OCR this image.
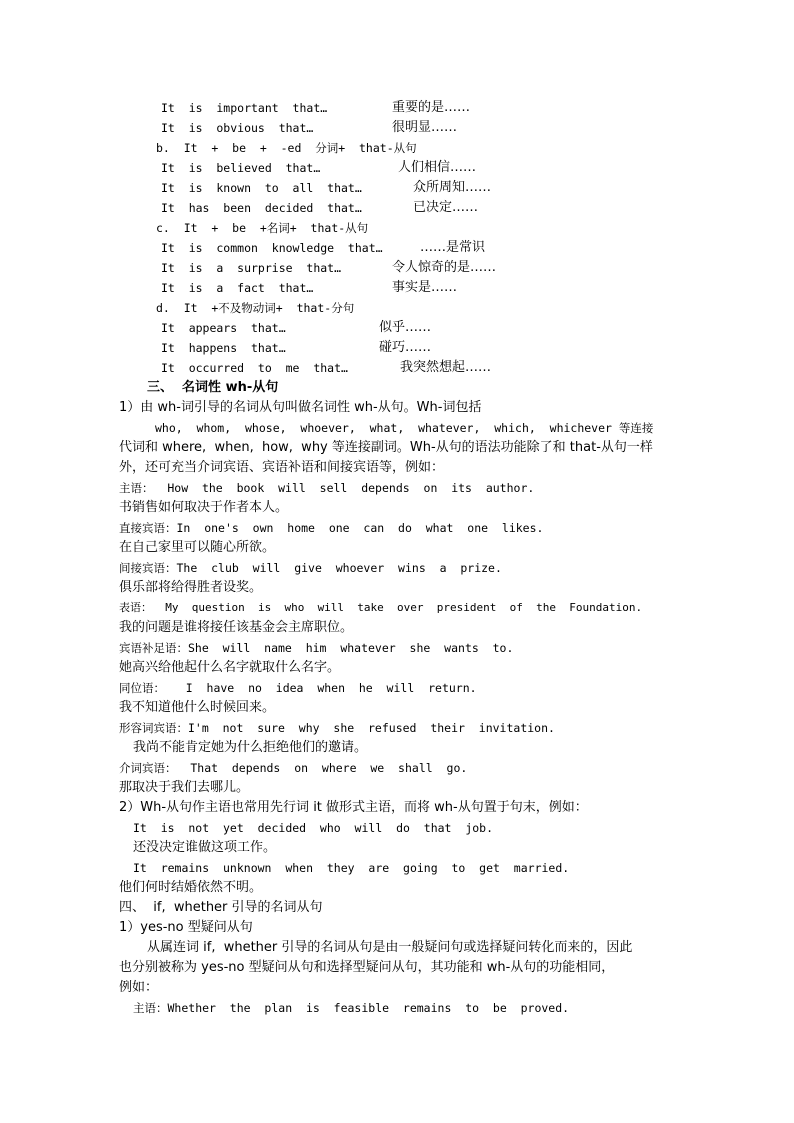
It  is  important  that…	重要的是……
It  is  obvious  that…	很明显……
b.  It  +  be  +  -ed  分词+  that-从句
It  is  believed  that…	人们相信……
It  is  known  to  all  that…	众所周知……
It  has  been  decided  that…	已决定……
c.  It  +  be  +名词+  that-从句
It  is  common  knowledge  that…	……是常识
It  is  a  surprise  that…	令人惊奇的是……
It  is  a  fact  that…	事实是……
d.  It  +不及物动词+  that-分句
It  appears  that…	似乎……
It  happens  that…	碰巧……
It  occurred  to  me  that…	我突然想起……
三、  名词性 wh-从句
1）由 wh-词引导的名词从句叫做名词性 wh-从句。Wh-词包括
who,  whom,  whose,  whoever,  what,  whatever,  which,  whichever 等连接
代词和 where,  when,  how,  why 等连接副词。Wh-从句的语法功能除了和 that-从句一样
外，还可充当介词宾语、宾语补语和间接宾语等，例如：
主语：  How  the  book  will  sell  depends  on  its  author.
书销售如何取决于作者本人。
直接宾语：In  one's  own  home  one  can  do  what  one  likes.
在自己家里可以随心所欲。
间接宾语：The  club  will  give  whoever  wins  a  prize.
俱乐部将给得胜者设奖。
表语：  My  question  is  who  will  take  over  president  of  the  Foundation.
我的问题是谁将接任该基金会主席职位。
宾语补足语：She  will  name  him  whatever  she  wants  to.
她高兴给他起什么名字就取什么名字。
同位语：   I  have  no  idea  when  he  will  return.
我不知道他什么时候回来。
形容词宾语：I'm  not  sure  why  she  refused  their  invitation.
我尚不能肯定她为什么拒绝他们的邀请。
介词宾语：  That  depends  on  where  we  shall  go.
那取决于我们去哪儿。
2）Wh-从句作主语也常用先行词 it 做形式主语，而将 wh-从句置于句末，例如：
It  is  not  yet  decided  who  will  do  that  job.
还没决定谁做这项工作。
It  remains  unknown  when  they  are  going  to  get  married.
他们何时结婚依然不明。
四、  if,  whether 引导的名词从句
1）yes-no 型疑问从句
从属连词 if,  whether 引导的名词从句是由一般疑问句或选择疑问转化而来的，因此
也分别被称为 yes-no 型疑问从句和选择型疑问从句，其功能和 wh-从句的功能相同，
例如：
主语：Whether  the  plan  is  feasible  remains  to  be  proved.
